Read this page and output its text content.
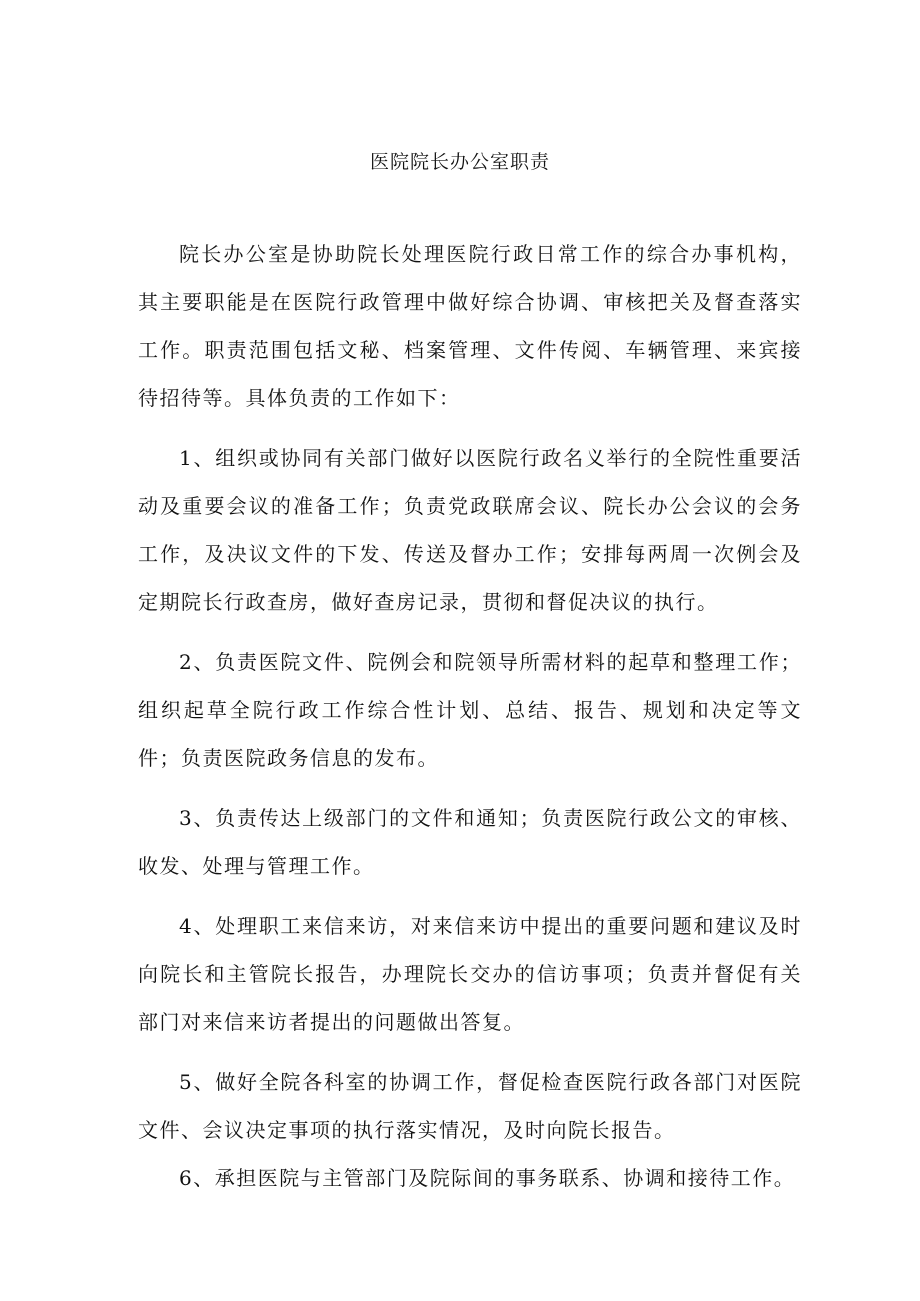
医院院长办公室职责

院长办公室是协助院长处理医院行政日常工作的综合办事机构，其主要职能是在医院行政管理中做好综合协调、审核把关及督查落实工作。职责范围包括文秘、档案管理、文件传阅、车辆管理、来宾接待招待等。具体负责的工作如下：

1、组织或协同有关部门做好以医院行政名义举行的全院性重要活动及重要会议的准备工作；负责党政联席会议、院长办公会议的会务工作，及决议文件的下发、传送及督办工作；安排每两周一次例会及定期院长行政查房，做好查房记录，贯彻和督促决议的执行。

2、负责医院文件、院例会和院领导所需材料的起草和整理工作；组织起草全院行政工作综合性计划、总结、报告、规划和决定等文件；负责医院政务信息的发布。

3、负责传达上级部门的文件和通知；负责医院行政公文的审核、收发、处理与管理工作。

4、处理职工来信来访，对来信来访中提出的重要问题和建议及时向院长和主管院长报告，办理院长交办的信访事项；负责并督促有关部门对来信来访者提出的问题做出答复。

5、做好全院各科室的协调工作，督促检查医院行政各部门对医院文件、会议决定事项的执行落实情况，及时向院长报告。

6、承担医院与主管部门及院际间的事务联系、协调和接待工作。
